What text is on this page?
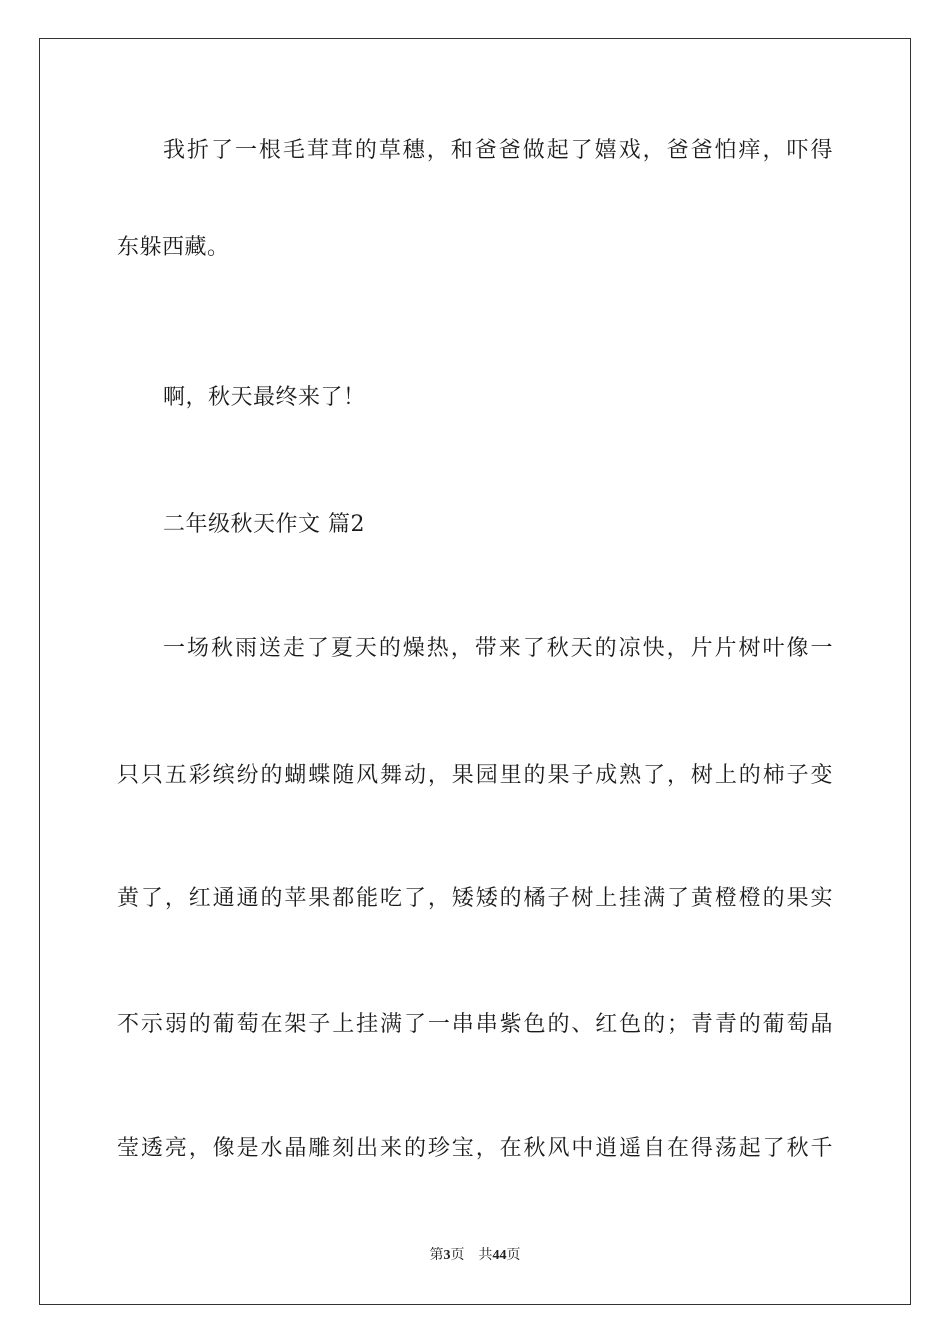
我折了一根毛茸茸的草穗，和爸爸做起了嬉戏，爸爸怕痒，吓得
东躲西藏。
啊，秋天最终来了！
二年级秋天作文 篇2
一场秋雨送走了夏天的燥热，带来了秋天的凉快，片片树叶像一
只只五彩缤纷的蝴蝶随风舞动，果园里的果子成熟了，树上的柿子变
黄了，红通通的苹果都能吃了，矮矮的橘子树上挂满了黄橙橙的果实
不示弱的葡萄在架子上挂满了一串串紫色的、红色的；青青的葡萄晶
莹透亮，像是水晶雕刻出来的珍宝，在秋风中逍遥自在得荡起了秋千
第3页 共44页
